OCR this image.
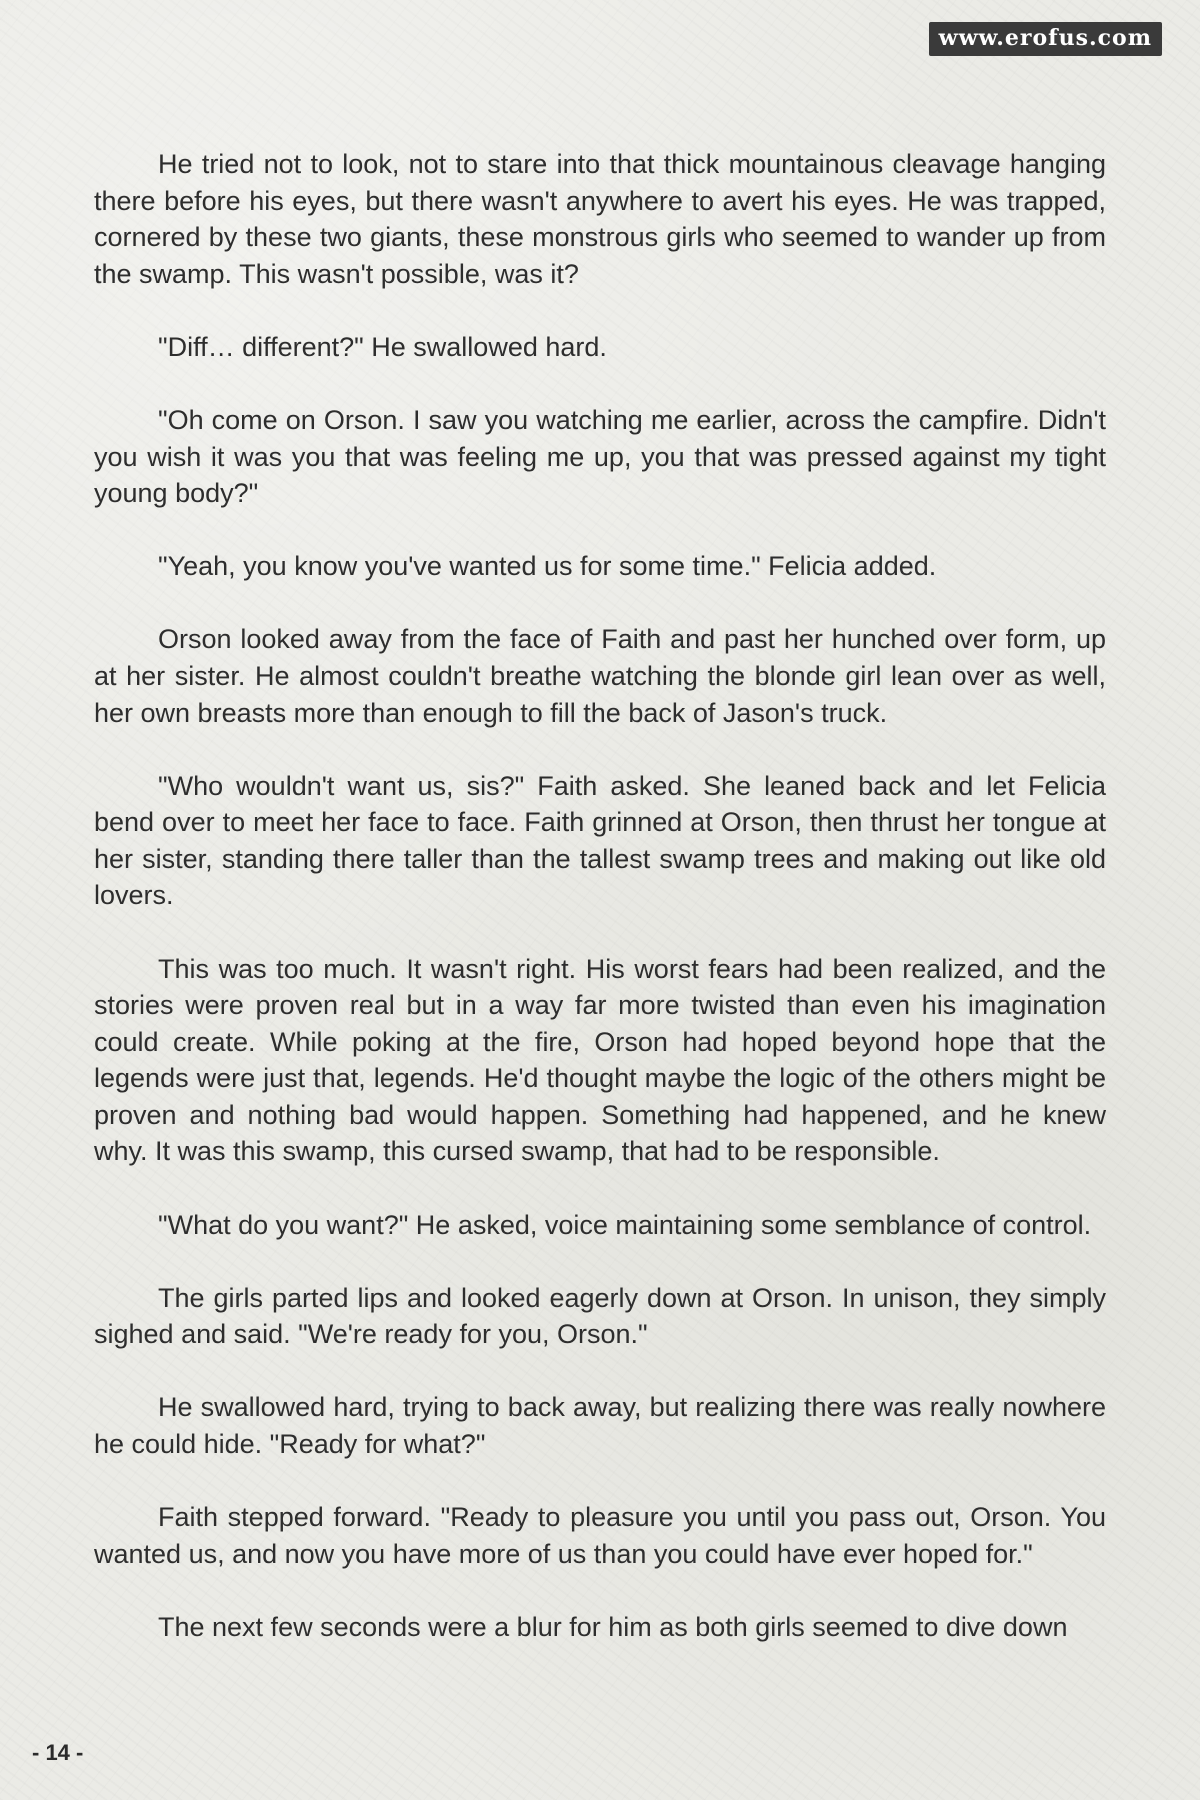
www.erofus.com

He tried not to look, not to stare into that thick mountainous cleavage hanging there before his eyes, but there wasn't anywhere to avert his eyes. He was trapped, cornered by these two giants, these monstrous girls who seemed to wander up from the swamp. This wasn't possible, was it?

"Diff… different?" He swallowed hard.

"Oh come on Orson. I saw you watching me earlier, across the campfire. Didn't you wish it was you that was feeling me up, you that was pressed against my tight young body?"

"Yeah, you know you've wanted us for some time." Felicia added.

Orson looked away from the face of Faith and past her hunched over form, up at her sister. He almost couldn't breathe watching the blonde girl lean over as well, her own breasts more than enough to fill the back of Jason's truck.

"Who wouldn't want us, sis?" Faith asked. She leaned back and let Felicia bend over to meet her face to face. Faith grinned at Orson, then thrust her tongue at her sister, standing there taller than the tallest swamp trees and making out like old lovers.

This was too much. It wasn't right. His worst fears had been realized, and the stories were proven real but in a way far more twisted than even his imagination could create. While poking at the fire, Orson had hoped beyond hope that the legends were just that, legends. He'd thought maybe the logic of the others might be proven and nothing bad would happen. Something had happened, and he knew why. It was this swamp, this cursed swamp, that had to be responsible.

"What do you want?" He asked, voice maintaining some semblance of control.

The girls parted lips and looked eagerly down at Orson. In unison, they simply sighed and said. "We're ready for you, Orson."

He swallowed hard, trying to back away, but realizing there was really nowhere he could hide. "Ready for what?"

Faith stepped forward. "Ready to pleasure you until you pass out, Orson. You wanted us, and now you have more of us than you could have ever hoped for."

The next few seconds were a blur for him as both girls seemed to dive down

- 14 -
